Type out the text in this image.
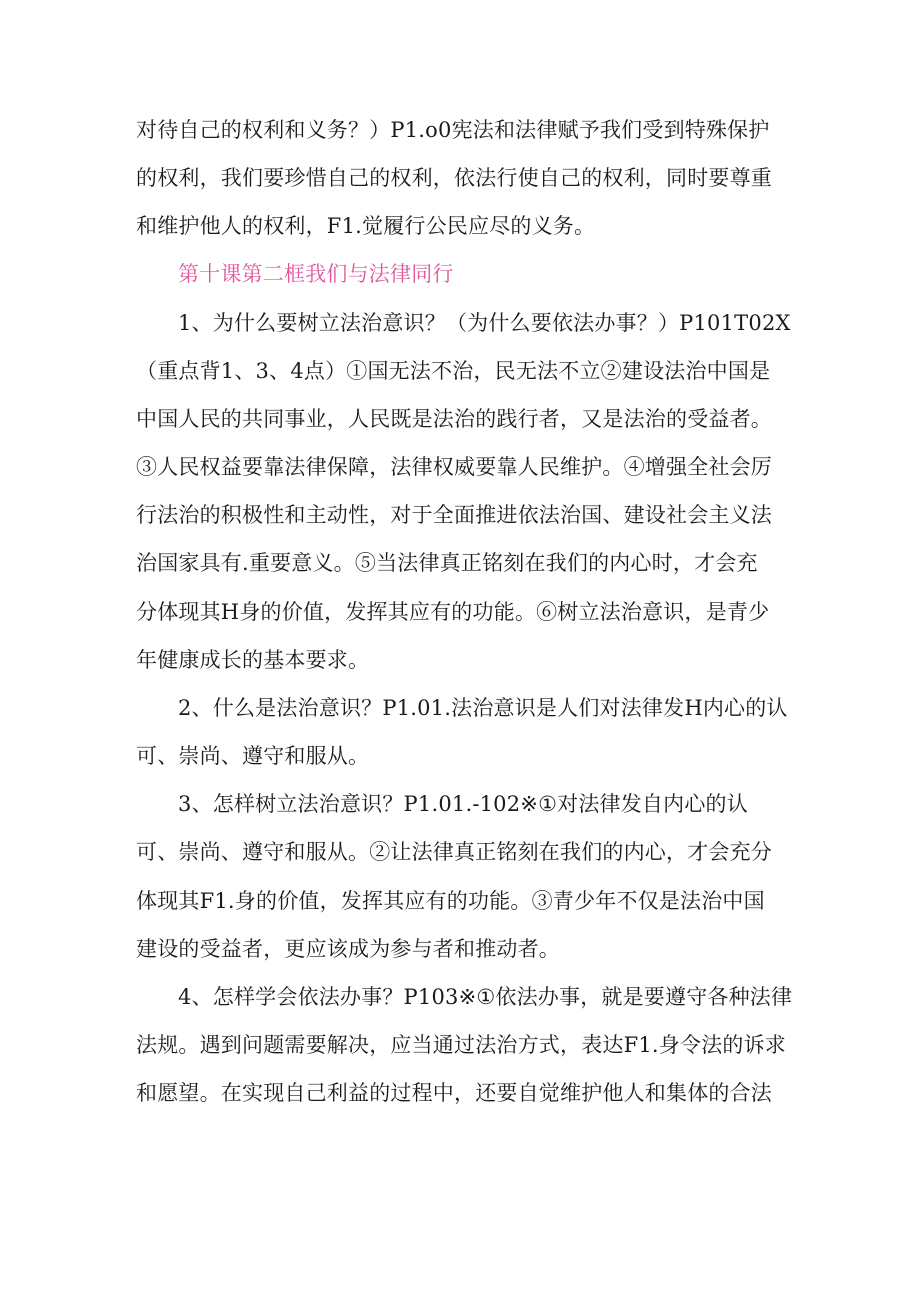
对待自己的权利和义务？）P1.o0宪法和法律赋予我们受到特殊保护
的权利，我们要珍惜自己的权利，依法行使自己的权利，同时要尊重
和维护他人的权利，F1.觉履行公民应尽的义务。
第十课第二框我们与法律同行
1、为什么要树立法治意识？（为什么要依法办事？）P101T02X
（重点背1、3、4点）①国无法不治，民无法不立②建设法治中国是
中国人民的共同事业，人民既是法治的践行者，又是法治的受益者。
③人民权益要靠法律保障，法律权威要靠人民维护。④增强全社会厉
行法治的积极性和主动性，对于全面推进依法治国、建设社会主义法
治国家具有.重要意义。⑤当法律真正铭刻在我们的内心时，才会充
分体现其H身的价值，发挥其应有的功能。⑥树立法治意识，是青少
年健康成长的基本要求。
2、什么是法治意识？P1.01.法治意识是人们对法律发H内心的认
可、崇尚、遵守和服从。
3、怎样树立法治意识？P1.01.-102※①对法律发自内心的认
可、崇尚、遵守和服从。②让法律真正铭刻在我们的内心，才会充分
体现其F1.身的价值，发挥其应有的功能。③青少年不仅是法治中国
建设的受益者，更应该成为参与者和推动者。
4、怎样学会依法办事？P103※①依法办事，就是要遵守各种法律
法规。遇到问题需要解决，应当通过法治方式，表达F1.身令法的诉求
和愿望。在实现自己利益的过程中，还要自觉维护他人和集体的合法
